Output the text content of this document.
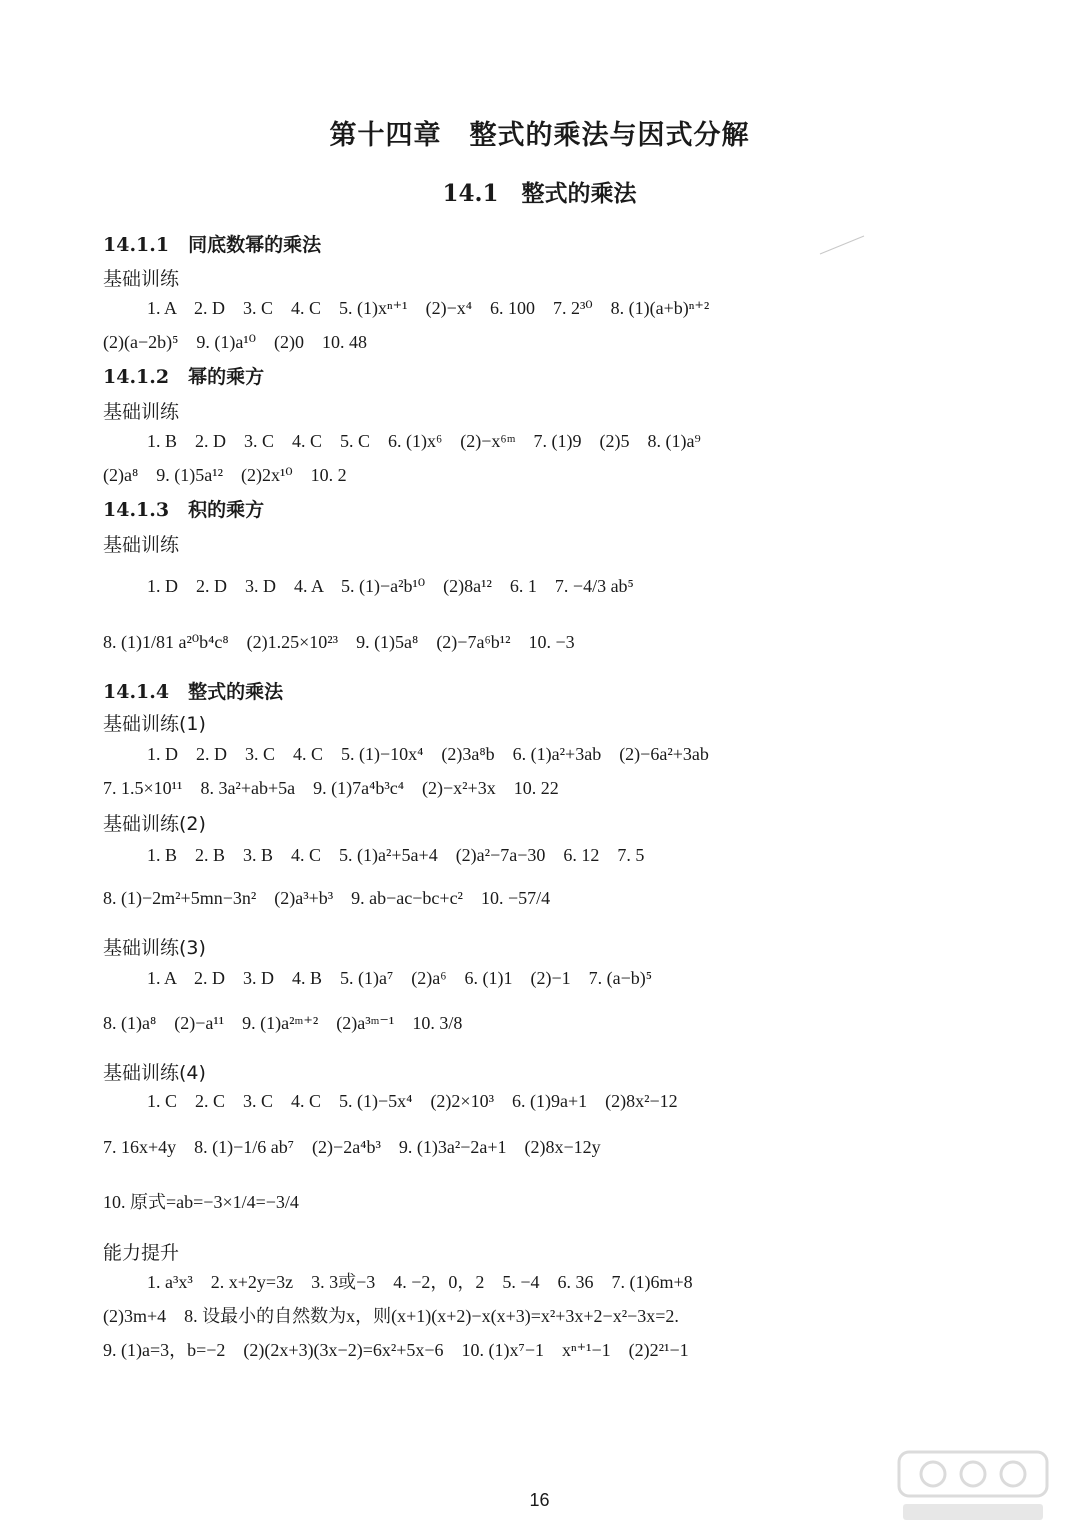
第十四章　整式的乘法与因式分解
14.1　整式的乘法
14.1.1　同底数幂的乘法
基础训练
1. A　2. D　3. C　4. C　5. (1)xⁿ⁺¹　(2)−x⁴　6. 100　7. 2³⁰　8. (1)(a+b)ⁿ⁺²
(2)(a−2b)⁵　9. (1)a¹⁰　(2)0　10. 48
14.1.2　幂的乘方
基础训练
1. B　2. D　3. C　4. C　5. C　6. (1)x⁶　(2)−x⁶ᵐ　7. (1)9　(2)5　8. (1)a⁹
(2)a⁸　9. (1)5a¹²　(2)2x¹⁰　10. 2
14.1.3　积的乘方
基础训练
1. D　2. D　3. D　4. A　5. (1)−a²b¹⁰　(2)8a¹²　6. 1　7. −4/3 ab⁵
8. (1)1/81 a²⁰b⁴c⁸　(2)1.25×10²³　9. (1)5a⁸　(2)−7a⁶b¹²　10. −3
14.1.4　整式的乘法
基础训练(1)
1. D　2. D　3. C　4. C　5. (1)−10x⁴　(2)3a⁸b　6. (1)a²+3ab　(2)−6a²+3ab
7. 1.5×10¹¹　8. 3a²+ab+5a　9. (1)7a⁴b³c⁴　(2)−x²+3x　10. 22
基础训练(2)
1. B　2. B　3. B　4. C　5. (1)a²+5a+4　(2)a²−7a−30　6. 12　7. 5
8. (1)−2m²+5mn−3n²　(2)a³+b³　9. ab−ac−bc+c²　10. −57/4
基础训练(3)
1. A　2. D　3. D　4. B　5. (1)a⁷　(2)a⁶　6. (1)1　(2)−1　7. (a−b)⁵
8. (1)a⁸　(2)−a¹¹　9. (1)a²ᵐ⁺²　(2)a³ᵐ⁻¹　10. 3/8
基础训练(4)
1. C　2. C　3. C　4. C　5. (1)−5x⁴　(2)2×10³　6. (1)9a+1　(2)8x²−12
7. 16x+4y　8. (1)−1/6 ab⁷　(2)−2a⁴b³　9. (1)3a²−2a+1　(2)8x−12y
10. 原式=ab=−3×1/4=−3/4
能力提升
1. a³x³　2. x+2y=3z　3. 3或−3　4. −2，0，2　5. −4　6. 36　7. (1)6m+8
(2)3m+4　8. 设最小的自然数为x，则(x+1)(x+2)−x(x+3)=x²+3x+2−x²−3x=2.
9. (1)a=3，b=−2　(2)(2x+3)(3x−2)=6x²+5x−6　10. (1)x⁷−1　xⁿ⁺¹−1　(2)2²¹−1
16
